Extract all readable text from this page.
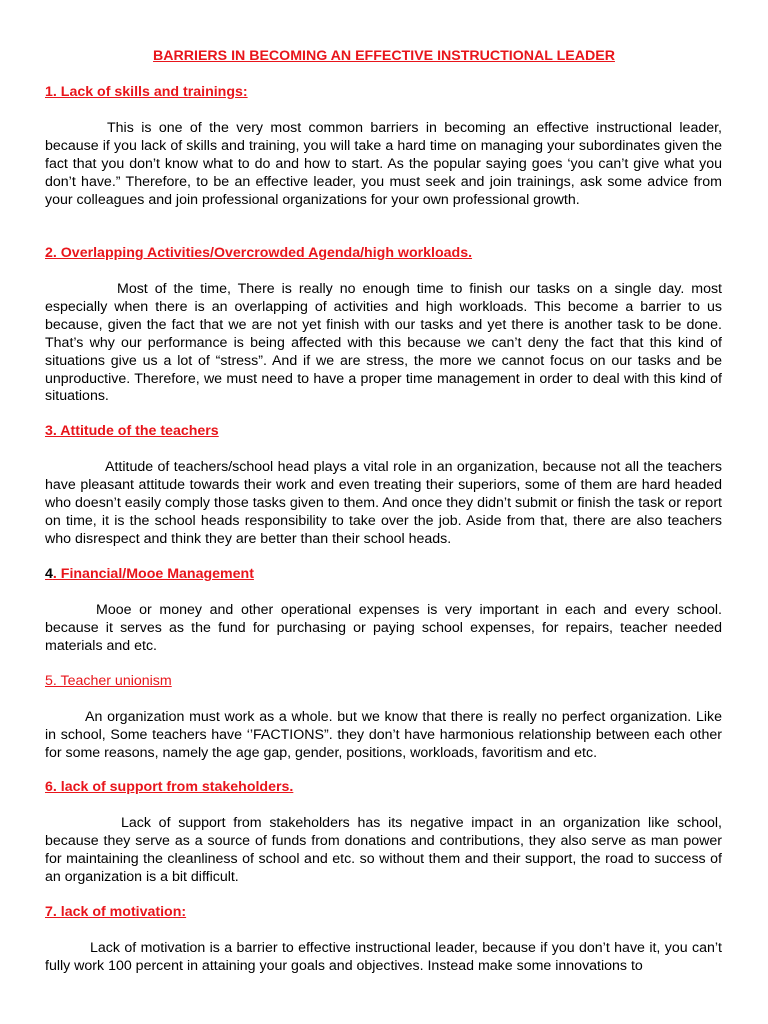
BARRIERS IN BECOMING AN EFFECTIVE INSTRUCTIONAL LEADER
1. Lack of skills and trainings:
This is one of the very most common barriers in becoming an effective instructional leader, because if you lack of skills and training, you will take a hard time on managing your subordinates given the fact that you don’t know what to do and how to start. As the popular saying goes ‘you can’t give what you don’t have.” Therefore, to be an effective leader, you must seek and join trainings, ask some advice from your colleagues and join professional organizations for your own professional growth.
2. Overlapping Activities/Overcrowded Agenda/high workloads.
Most of the time, There is really no enough time to finish our tasks on a single day. most especially when there is an overlapping of activities and high workloads. This become a barrier to us because, given the fact that we are not yet finish with our tasks and yet there is another task to be done. That’s why our performance is being affected with this because we can’t deny the fact that this kind of situations give us a lot of “stress”. And if we are stress, the more we cannot focus on our tasks and be unproductive. Therefore, we must need to have a proper time management in order to deal with this kind of situations.
3. Attitude of the teachers
Attitude of teachers/school head plays a vital role in an organization, because not all the teachers have pleasant attitude towards their work and even treating their superiors, some of them are hard headed who doesn’t easily comply those tasks given to them. And once they didn’t submit or finish the task or report on time, it is the school heads responsibility to take over the job. Aside from that, there are also teachers who disrespect and think they are better than their school heads.
4. Financial/Mooe Management
Mooe or money and other operational expenses is very important in each and every school. because it serves as the fund for purchasing or paying school expenses, for repairs, teacher needed materials and etc.
5. Teacher unionism
An organization must work as a whole. but we know that there is really no perfect organization. Like in school, Some teachers have ‘’FACTIONS”. they don’t have harmonious relationship between each other for some reasons, namely the age gap, gender, positions, workloads, favoritism and etc.
6. lack of support from stakeholders.
Lack of support from stakeholders has its negative impact in an organization like school, because they serve as a source of funds from donations and contributions, they also serve as man power for maintaining the cleanliness of school and etc. so without them and their support, the road to success of an organization is a bit difficult.
7. lack of motivation:
Lack of motivation is a barrier to effective instructional leader, because if you don’t have it, you can’t fully work 100 percent in attaining your goals and objectives. Instead make some innovations to
